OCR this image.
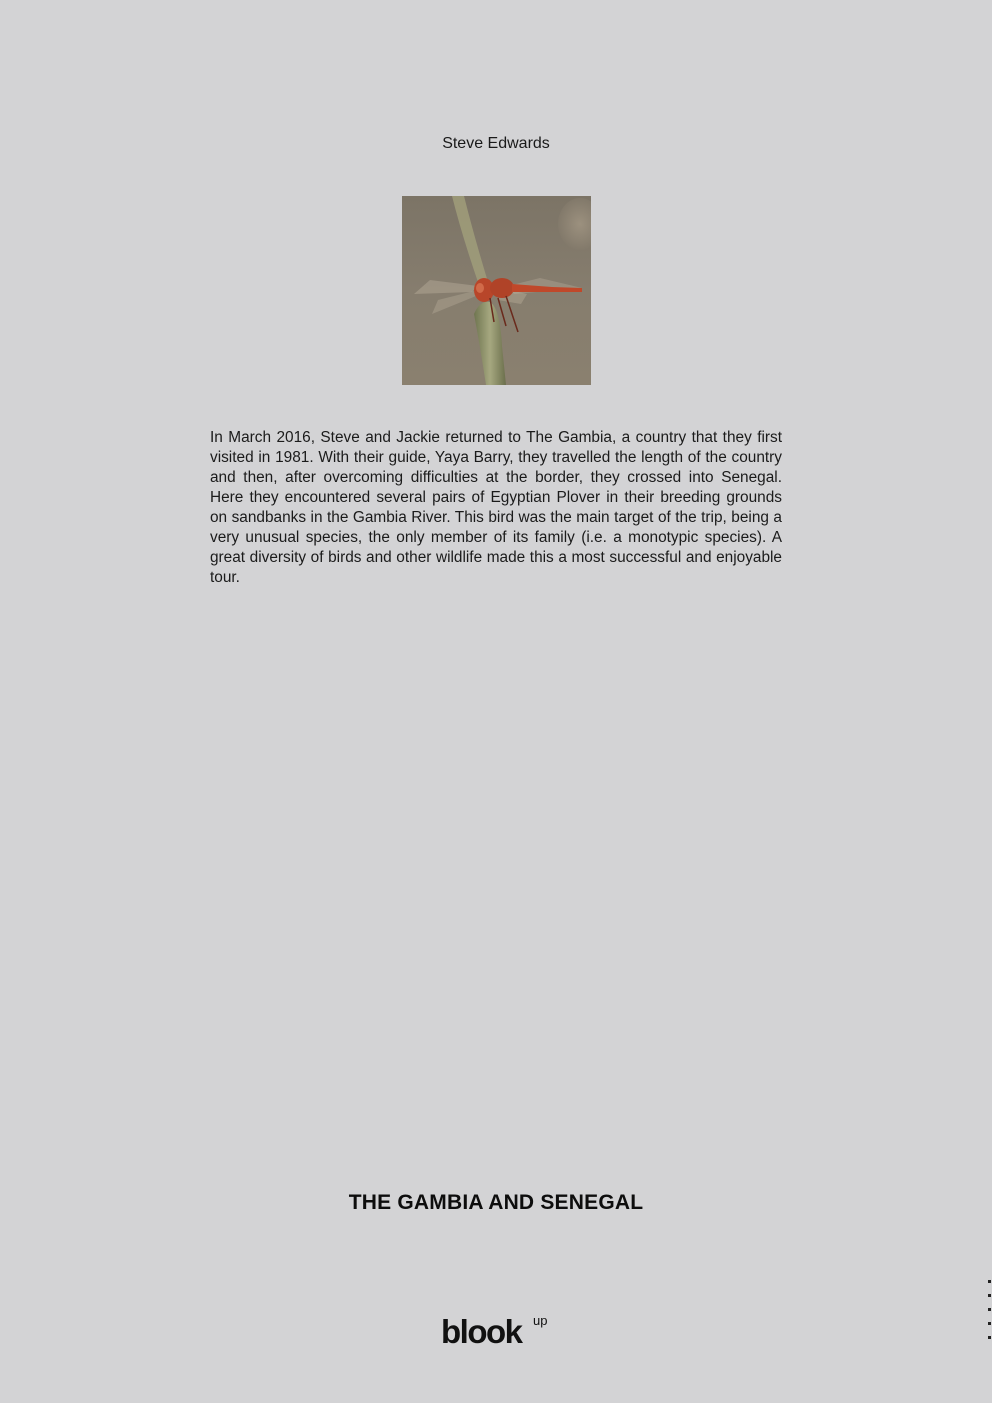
Steve Edwards
In March 2016, Steve and Jackie returned to The Gambia, a country that they first visited in 1981. With their guide, Yaya Barry, they travelled the length of the country and then, after overcoming difficulties at the border, they crossed into Senegal. Here they encountered several pairs of Egyptian Plover in their breeding grounds on sandbanks in the Gambia River. This bird was the main target of the trip, being a very unusual species, the only member of its family (i.e. a monotypic species). A great diversity of birds and other wildlife made this a most successful and enjoyable tour.
THE GAMBIA AND SENEGAL
blook up
